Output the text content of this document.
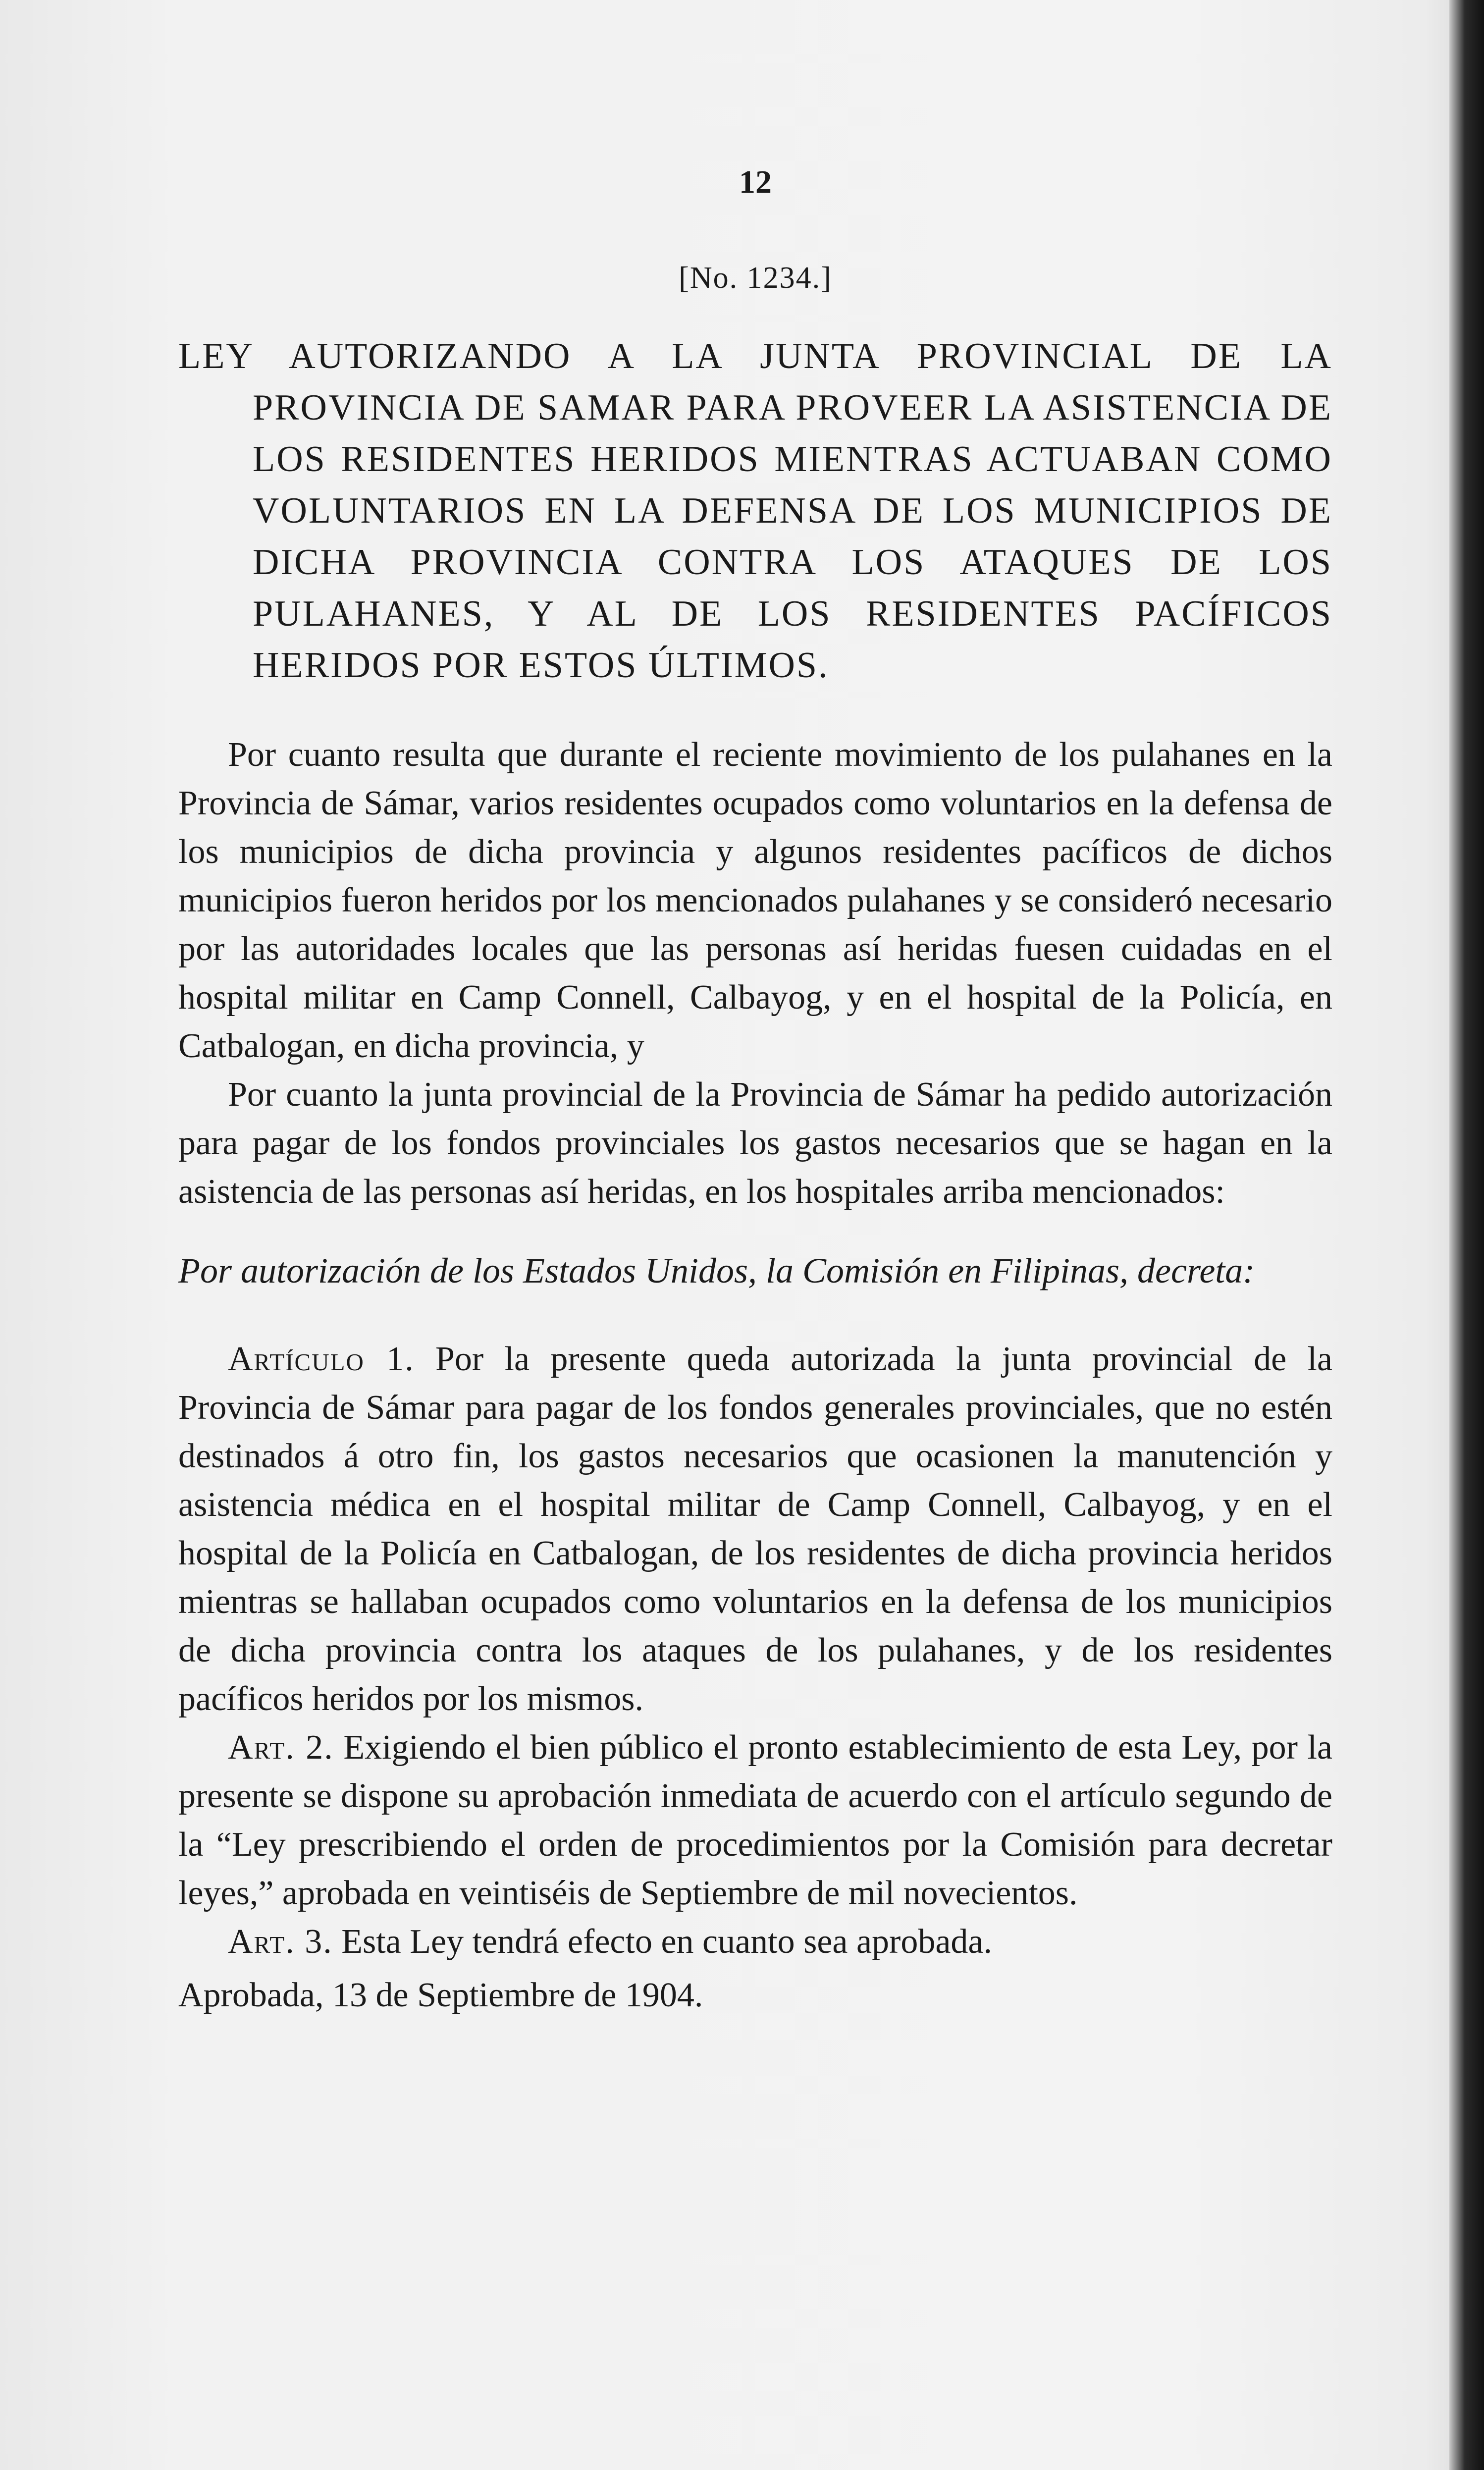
12
[No. 1234.]
LEY AUTORIZANDO A LA JUNTA PROVINCIAL DE LA PROVINCIA DE SAMAR PARA PROVEER LA ASISTENCIA DE LOS RESIDENTES HERIDOS MIENTRAS ACTUABAN COMO VOLUNTARIOS EN LA DEFENSA DE LOS MUNICIPIOS DE DICHA PROVINCIA CONTRA LOS ATAQUES DE LOS PULAHANES, Y AL DE LOS RESIDENTES PACÍFICOS HERIDOS POR ESTOS ÚLTIMOS.

Por cuanto resulta que durante el reciente movimiento de los pulahanes en la Provincia de Sámar, varios residentes ocupados como voluntarios en la defensa de los municipios de dicha provincia y algunos residentes pacíficos de dichos municipios fueron heridos por los mencionados pulahanes y se consideró necesario por las autoridades locales que las personas así heridas fuesen cuidadas en el hospital militar en Camp Connell, Calbayog, y en el hospital de la Policía, en Catbalogan, en dicha provincia, y

Por cuanto la junta provincial de la Provincia de Sámar ha pedido autorización para pagar de los fondos provinciales los gastos necesarios que se hagan en la asistencia de las personas así heridas, en los hospitales arriba mencionados:

Por autorización de los Estados Unidos, la Comisión en Filipinas, decreta:

Artículo 1. Por la presente queda autorizada la junta provincial de la Provincia de Sámar para pagar de los fondos generales provinciales, que no estén destinados á otro fin, los gastos necesarios que ocasionen la manutención y asistencia médica en el hospital militar de Camp Connell, Calbayog, y en el hospital de la Policía en Catbalogan, de los residentes de dicha provincia heridos mientras se hallaban ocupados como voluntarios en la defensa de los municipios de dicha provincia contra los ataques de los pulahanes, y de los residentes pacíficos heridos por los mismos.

Art. 2. Exigiendo el bien público el pronto establecimiento de esta Ley, por la presente se dispone su aprobación inmediata de acuerdo con el artículo segundo de la “Ley prescribiendo el orden de procedimientos por la Comisión para decretar leyes,” aprobada en veintiséis de Septiembre de mil novecientos.

Art. 3. Esta Ley tendrá efecto en cuanto sea aprobada.

Aprobada, 13 de Septiembre de 1904.
